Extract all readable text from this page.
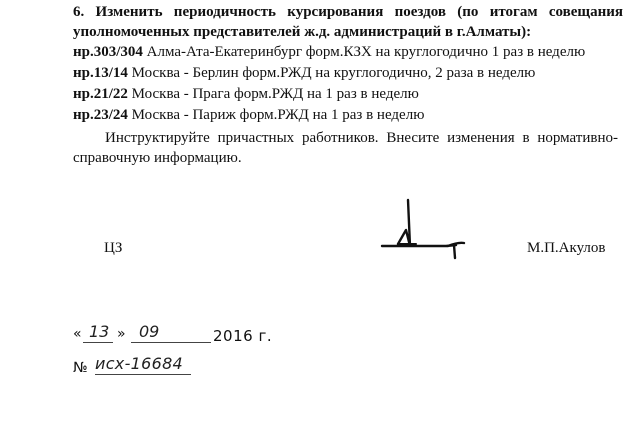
6. Изменить периодичность курсирования поездов (по итогам совещания
уполномоченных представителей ж.д. администраций в г.Алматы):
нр.303/304 Алма-Ата-Екатеринбург форм.КЗХ на круглогодично 1 раз в неделю
нр.13/14 Москва - Берлин форм.РЖД на круглогодично, 2 раза в неделю
нр.21/22 Москва - Прага форм.РЖД на 1 раз в неделю
нр.23/24 Москва - Париж форм.РЖД на 1 раз в неделю
Инструктируйте причастных работников. Внесите изменения в нормативно-справочную информацию.
ЦЗ	М.П.Акулов
« 13 » 09	2016 г.
№ исх-16684
